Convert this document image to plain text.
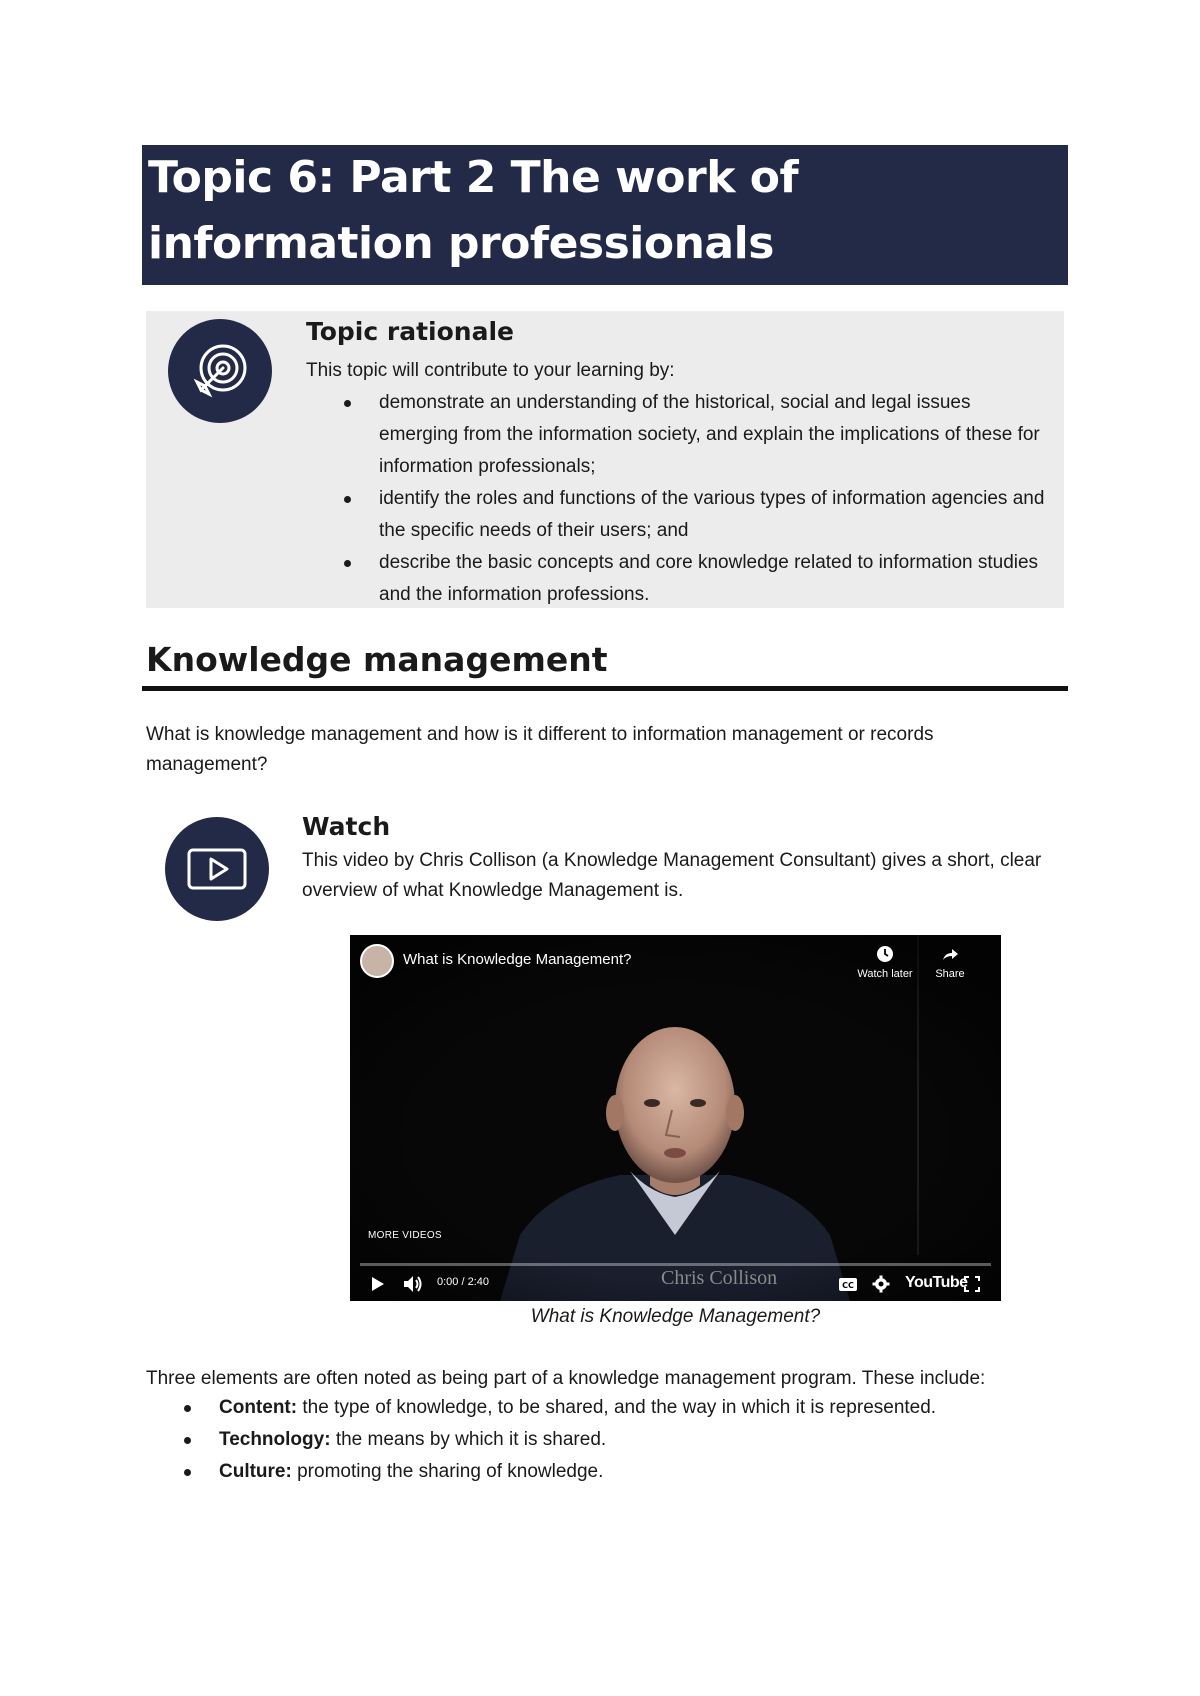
Topic 6: Part 2 The work of information professionals

Topic rationale

This topic will contribute to your learning by:
demonstrate an understanding of the historical, social and legal issues emerging from the information society, and explain the implications of these for information professionals;
identify the roles and functions of the various types of information agencies and the specific needs of their users; and
describe the basic concepts and core knowledge related to information studies and the information professions.
Knowledge management

What is knowledge management and how is it different to information management or records management?

Watch

This video by Chris Collison (a Knowledge Management Consultant) gives a short, clear overview of what Knowledge Management is.
What is Knowledge Management?
Watch later	Share
MORE VIDEOS
0:00 / 2:40	Chris Collison	CC	YouTube

What is Knowledge Management?

Three elements are often noted as being part of a knowledge management program. These include:

Content: the type of knowledge, to be shared, and the way in which it is represented.
Technology: the means by which it is shared.
Culture: promoting the sharing of knowledge.
